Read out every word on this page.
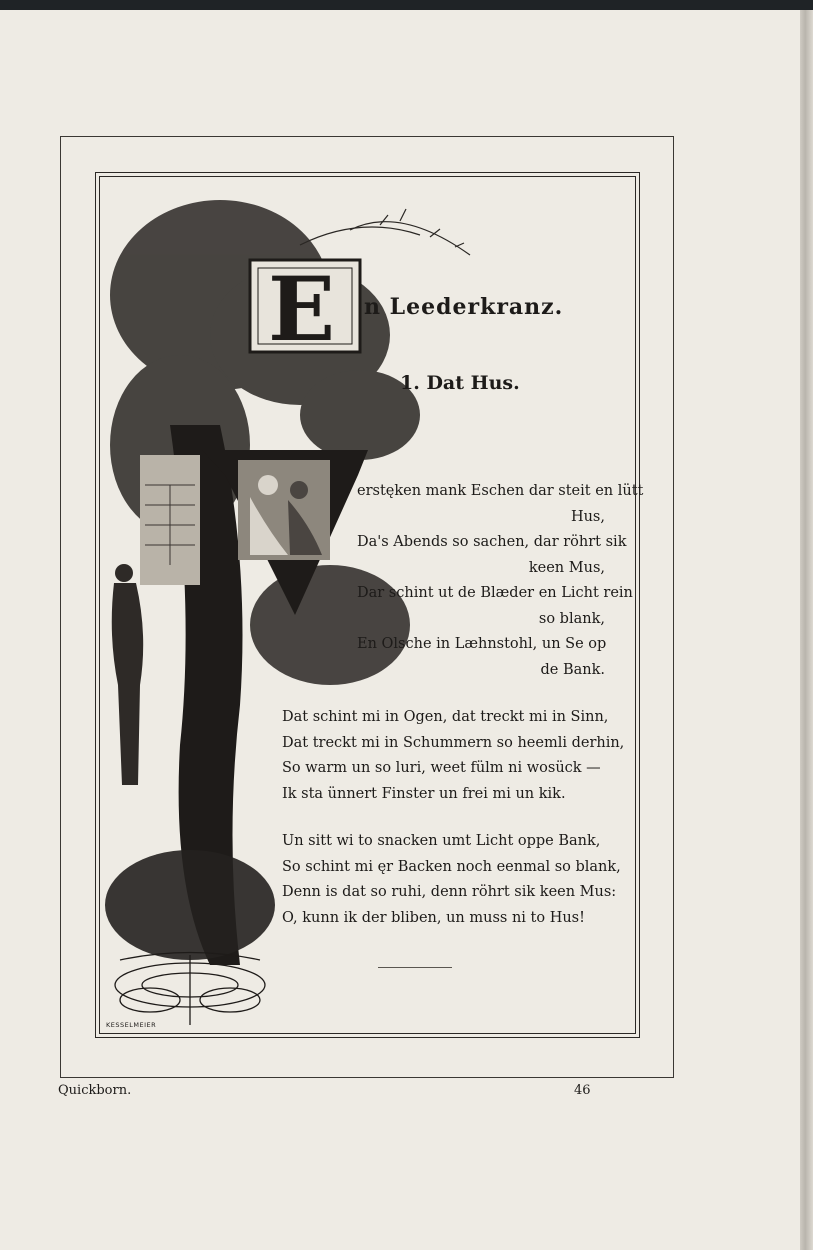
E n Leederkranz.
1. Dat Hus.
erstęken mank Eschen dar steit en lütt
Hus,
Da's Abends so sachen, dar röhrt sik
keen Mus,
Dar schint ut de Blæder en Licht rein
so blank,
En Olsche in Læhnstohl, un Se op
de Bank.
Dat schint mi in Ogen, dat treckt mi in Sinn,
Dat treckt mi in Schummern so heemli derhin,
So warm un so luri, weet fülm ni wosück —
Ik sta ünnert Finster un frei mi un kik.
Un sitt wi to snacken umt Licht oppe Bank,
So schint mi ęr Backen noch eenmal so blank,
Denn is dat so ruhi, denn röhrt sik keen Mus:
O, kunn ik der bliben, un muss ni to Hus!
KESSELMEIER
Quickborn.	46
